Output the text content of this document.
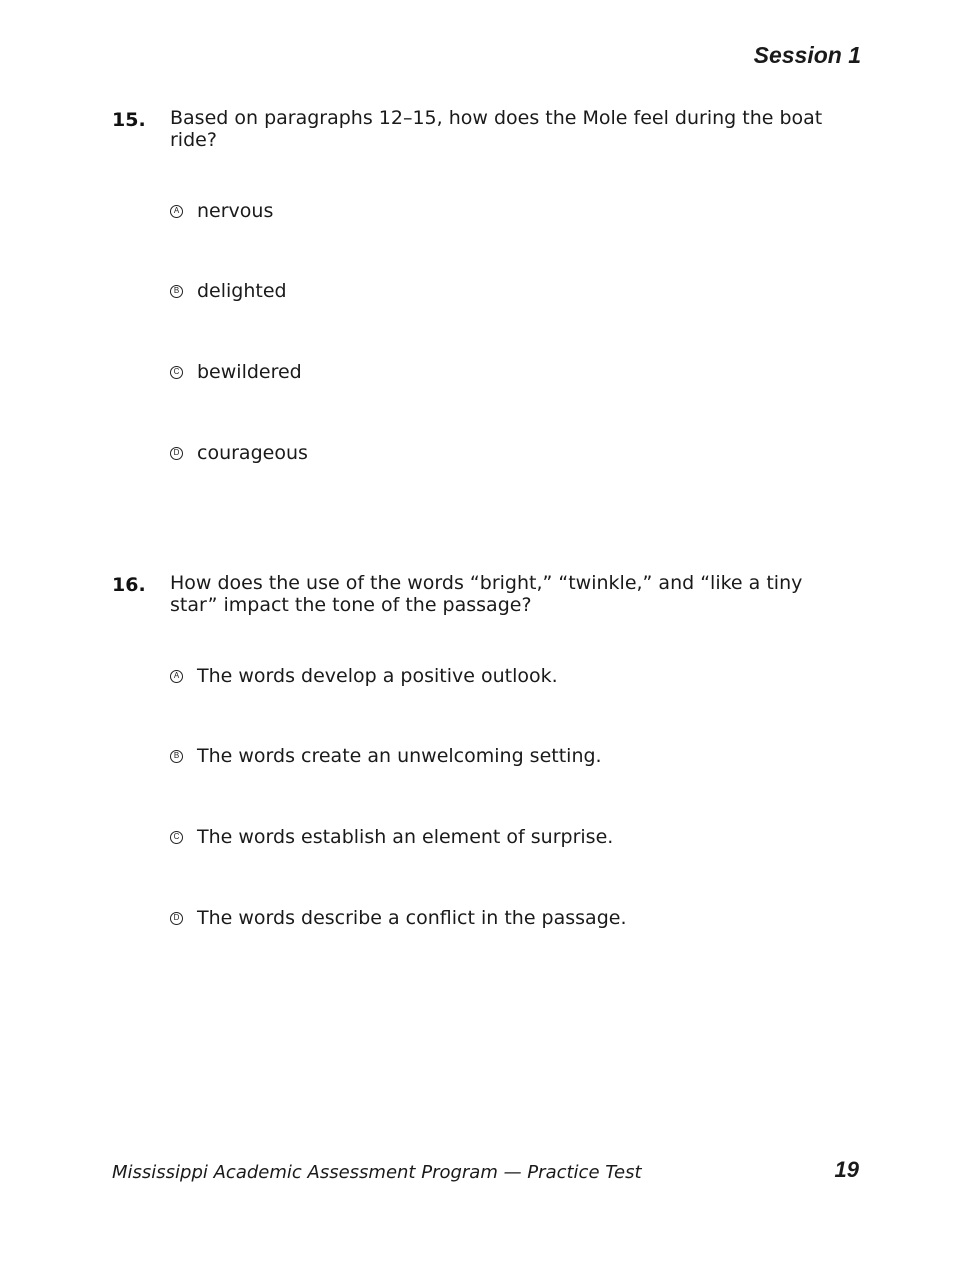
Session 1
15. Based on paragraphs 12–15, how does the Mole feel during the boat ride?
A nervous
B delighted
C bewildered
D courageous
16. How does the use of the words “bright,” “twinkle,” and “like a tiny star” impact the tone of the passage?
A The words develop a positive outlook.
B The words create an unwelcoming setting.
C The words establish an element of surprise.
D The words describe a conflict in the passage.
Mississippi Academic Assessment Program — Practice Test	19
